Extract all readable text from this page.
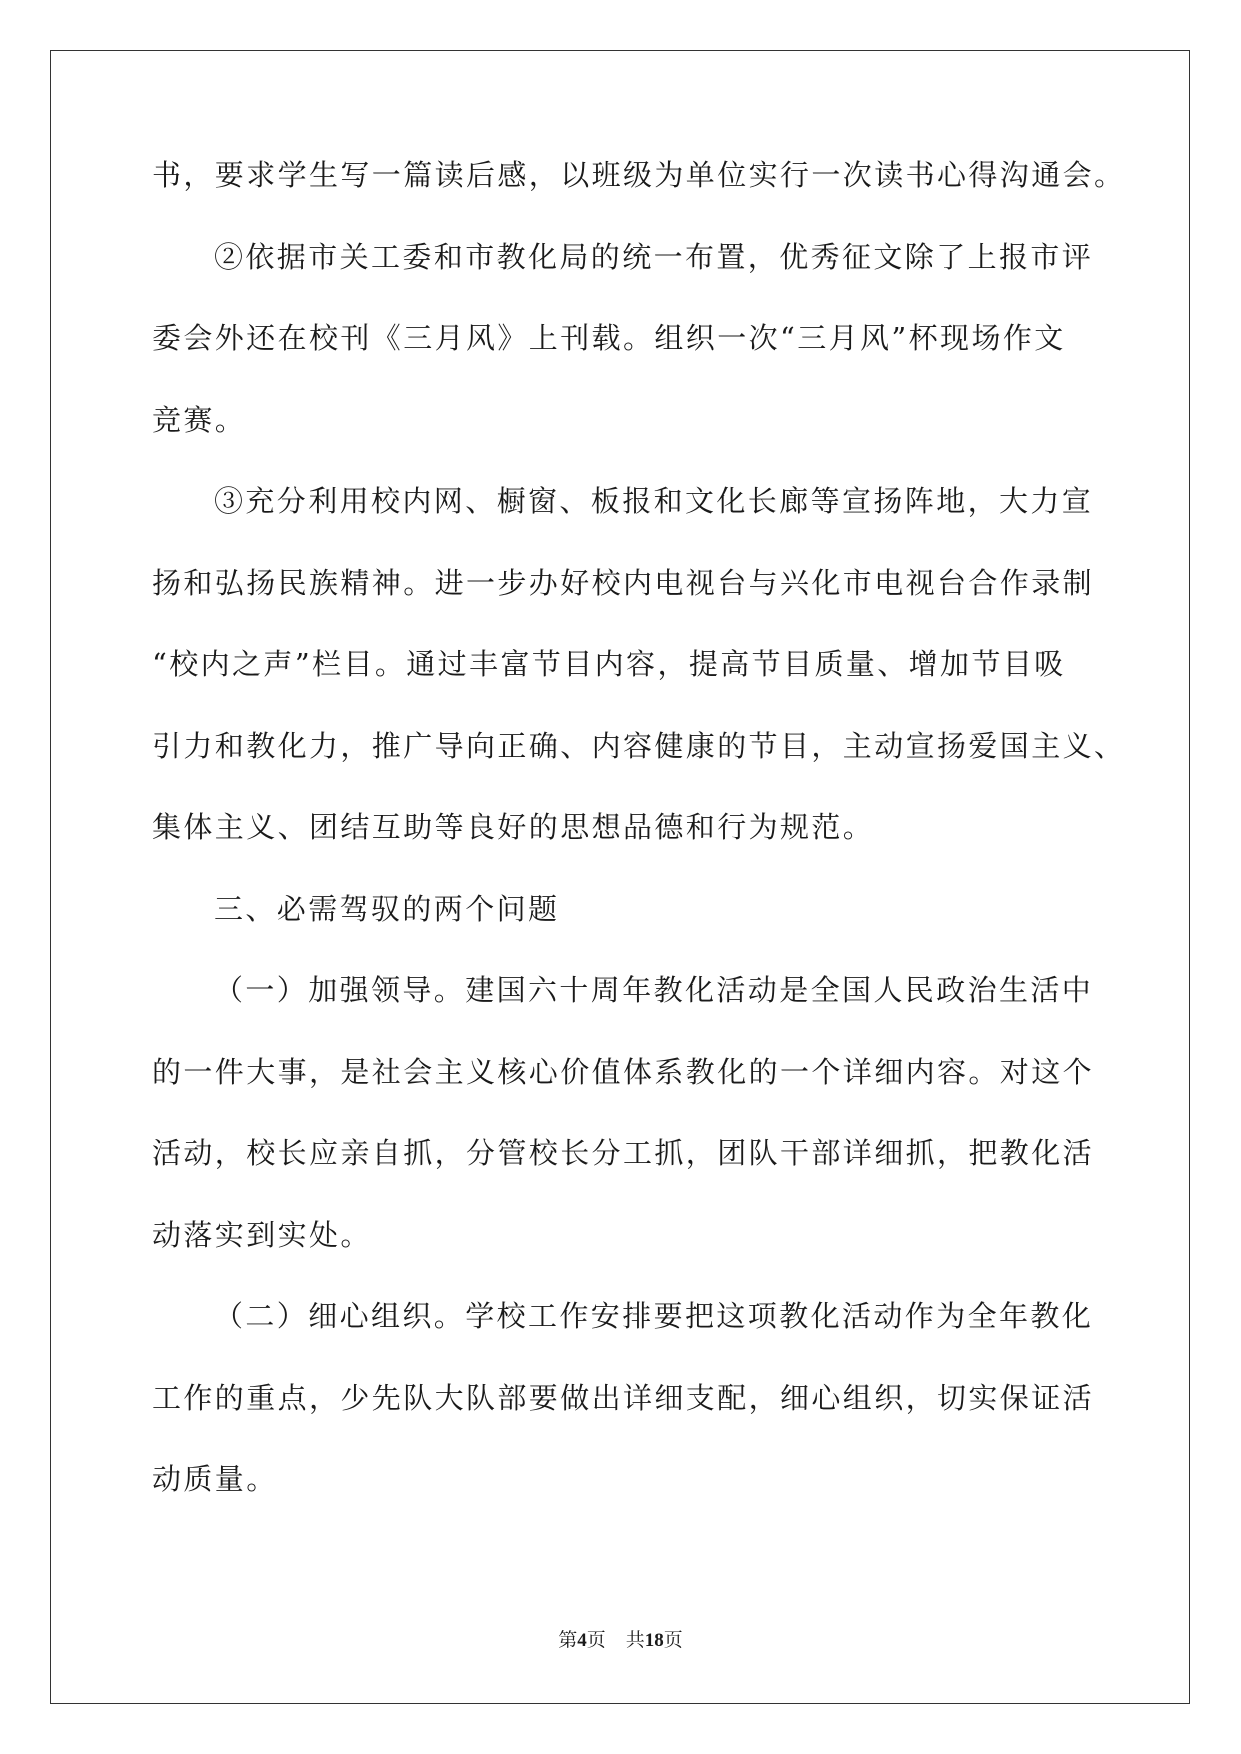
书，要求学生写一篇读后感，以班级为单位实行一次读书心得沟通会。
②依据市关工委和市教化局的统一布置，优秀征文除了上报市评
委会外还在校刊《三月风》上刊载。组织一次“三月风”杯现场作文
竞赛。
③充分利用校内网、橱窗、板报和文化长廊等宣扬阵地，大力宣
扬和弘扬民族精神。进一步办好校内电视台与兴化市电视台合作录制
“校内之声”栏目。通过丰富节目内容，提高节目质量、增加节目吸
引力和教化力，推广导向正确、内容健康的节目，主动宣扬爱国主义、
集体主义、团结互助等良好的思想品德和行为规范。
三、必需驾驭的两个问题
（一）加强领导。建国六十周年教化活动是全国人民政治生活中
的一件大事，是社会主义核心价值体系教化的一个详细内容。对这个
活动，校长应亲自抓，分管校长分工抓，团队干部详细抓，把教化活
动落实到实处。
（二）细心组织。学校工作安排要把这项教化活动作为全年教化
工作的重点，少先队大队部要做出详细支配，细心组织，切实保证活
动质量。
第4页 共18页
